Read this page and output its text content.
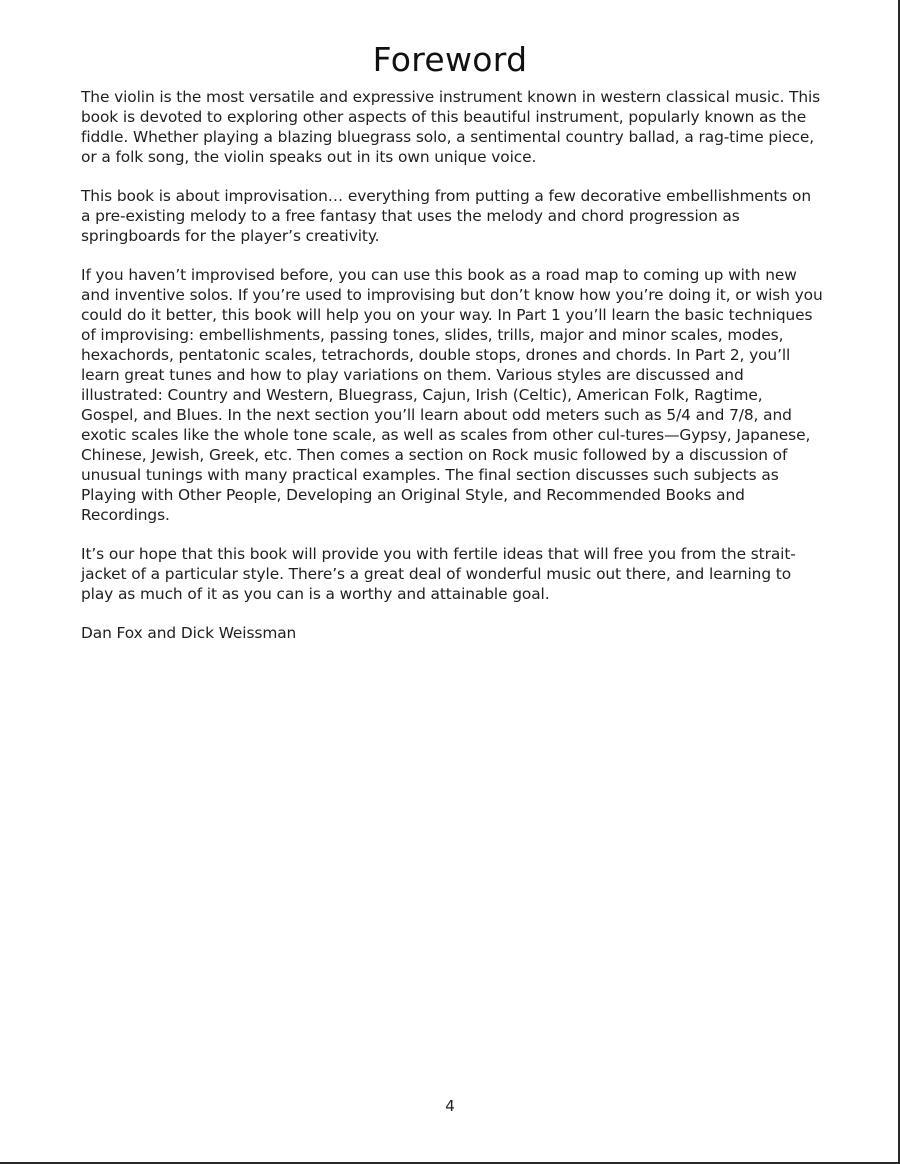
Foreword

The violin is the most versatile and expressive instrument known in western classical music. This book is devoted to exploring other aspects of this beautiful instrument, popularly known as the fiddle. Whether playing a blazing bluegrass solo, a sentimental country ballad, a rag-time piece, or a folk song, the violin speaks out in its own unique voice.

This book is about improvisation… everything from putting a few decorative embellishments on a pre-existing melody to a free fantasy that uses the melody and chord progression as springboards for the player’s creativity.

If you haven’t improvised before, you can use this book as a road map to coming up with new and inventive solos. If you’re used to improvising but don’t know how you’re doing it, or wish you could do it better, this book will help you on your way. In Part 1 you’ll learn the basic techniques of improvising: embellishments, passing tones, slides, trills, major and minor scales, modes, hexachords, pentatonic scales, tetrachords, double stops, drones and chords. In Part 2, you’ll learn great tunes and how to play variations on them. Various styles are discussed and illustrated: Country and Western, Bluegrass, Cajun, Irish (Celtic), American Folk, Ragtime, Gospel, and Blues. In the next section you’ll learn about odd meters such as 5/4 and 7/8, and exotic scales like the whole tone scale, as well as scales from other cul-tures—Gypsy, Japanese, Chinese, Jewish, Greek, etc. Then comes a section on Rock music followed by a discussion of unusual tunings with many practical examples. The final section discusses such subjects as Playing with Other People, Developing an Original Style, and Recommended Books and Recordings.

It’s our hope that this book will provide you with fertile ideas that will free you from the strait-jacket of a particular style. There’s a great deal of wonderful music out there, and learning to play as much of it as you can is a worthy and attainable goal.

Dan Fox and Dick Weissman

4
